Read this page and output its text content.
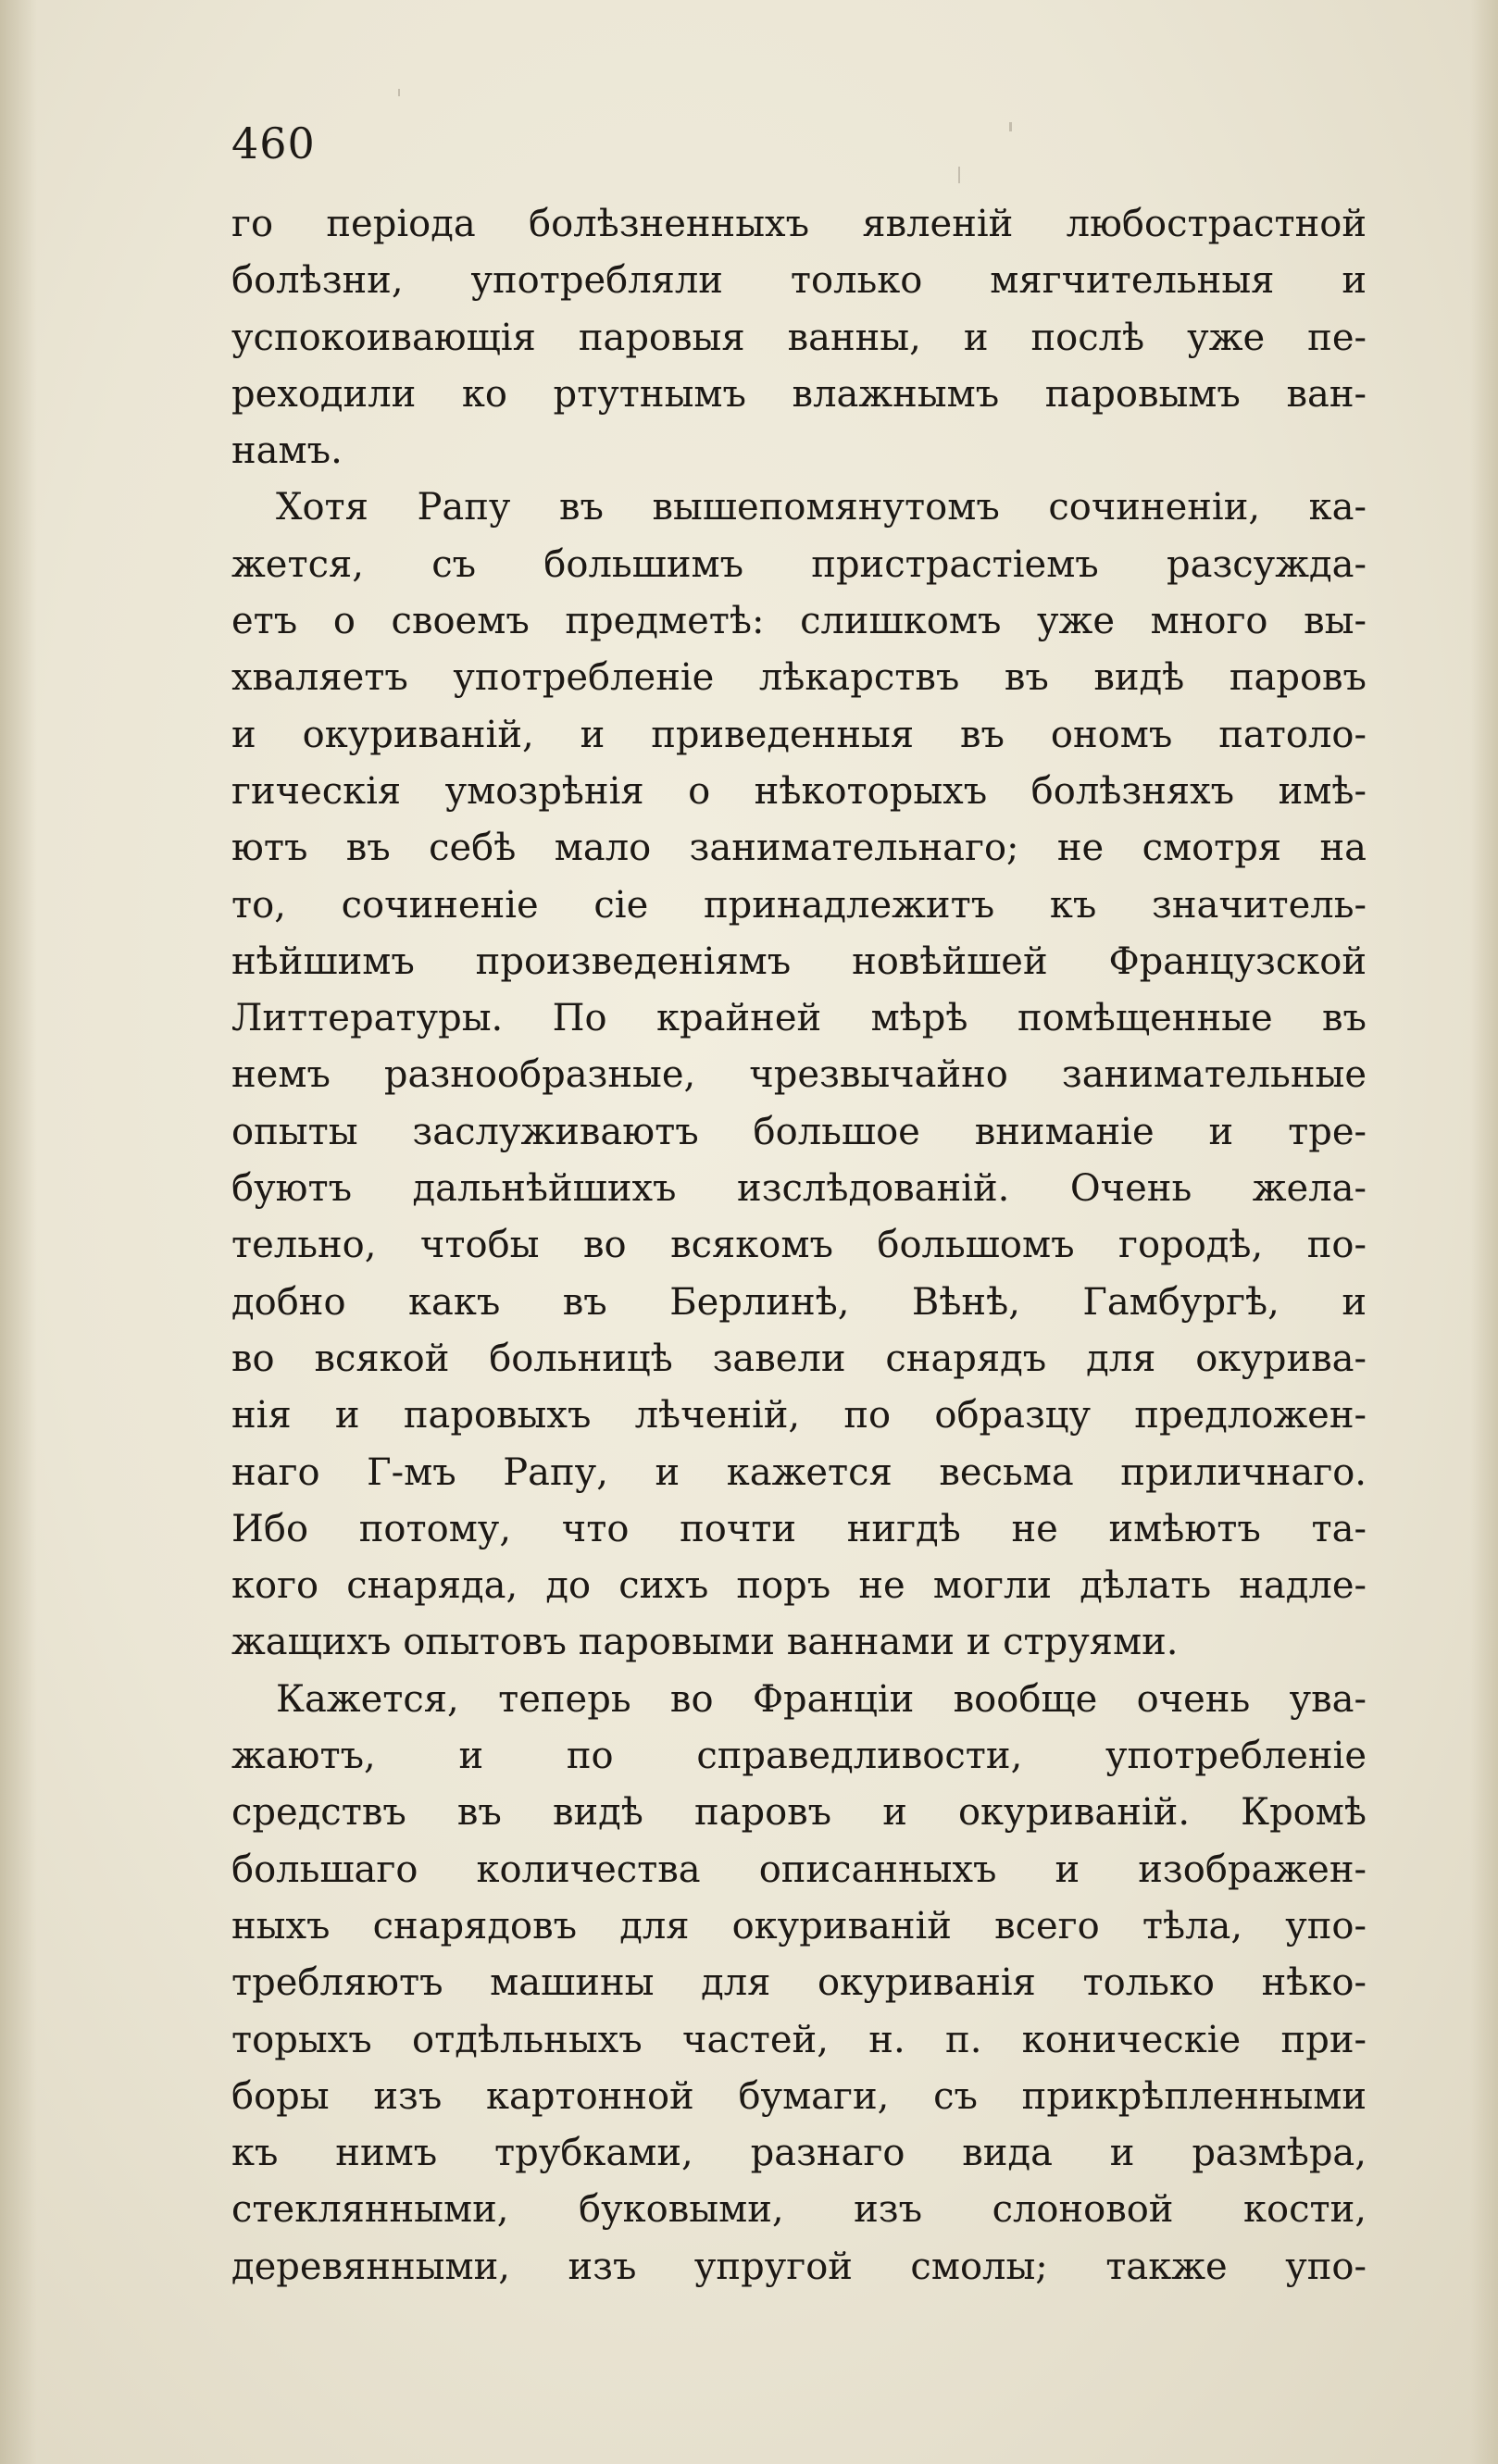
460
го періода болѣзненныхъ явленій любострастной
болѣзни, употребляли только мягчительныя и
успокоивающія паровыя ванны, и послѣ уже пе-
реходили ко ртутнымъ влажнымъ паровымъ ван-
намъ.
Хотя Рапу въ вышепомянутомъ сочиненіи, ка-
жется, съ большимъ пристрастіемъ разсужда-
етъ о своемъ предметѣ: слишкомъ уже много вы-
хваляетъ употребленіе лѣкарствъ въ видѣ паровъ
и окуриваній, и приведенныя въ ономъ патоло-
гическія умозрѣнія о нѣкоторыхъ болѣзняхъ имѣ-
ютъ въ себѣ мало занимательнаго; не смотря на
то, сочиненіе сіе принадлежитъ къ значитель-
нѣйшимъ произведеніямъ новѣйшей Французской
Литтературы. По крайней мѣрѣ помѣщенные въ
немъ разнообразные, чрезвычайно занимательные
опыты заслуживаютъ большое вниманіе и тре-
буютъ дальнѣйшихъ изслѣдованій. Очень жела-
тельно, чтобы во всякомъ большомъ городѣ, по-
добно какъ въ Берлинѣ, Вѣнѣ, Гамбургѣ, и
во всякой больницѣ завели снарядъ для окурива-
нія и паровыхъ лѣченій, по образцу предложен-
наго Г-мъ Рапу, и кажется весьма приличнаго.
Ибо потому, что почти нигдѣ не имѣютъ та-
кого снаряда, до сихъ поръ не могли дѣлать надле-
жащихъ опытовъ паровыми ваннами и струями.
Кажется, теперь во Франціи вообще очень ува-
жаютъ, и по справедливости, употребленіе
средствъ въ видѣ паровъ и окуриваній. Кромѣ
большаго количества описанныхъ и изображен-
ныхъ снарядовъ для окуриваній всего тѣла, упо-
требляютъ машины для окуриванія только нѣко-
торыхъ отдѣльныхъ частей, н. п. коническіе при-
боры изъ картонной бумаги, съ прикрѣпленными
къ нимъ трубками, разнаго вида и размѣра,
стеклянными, буковыми, изъ слоновой кости,
деревянными, изъ упругой смолы; также упо-
